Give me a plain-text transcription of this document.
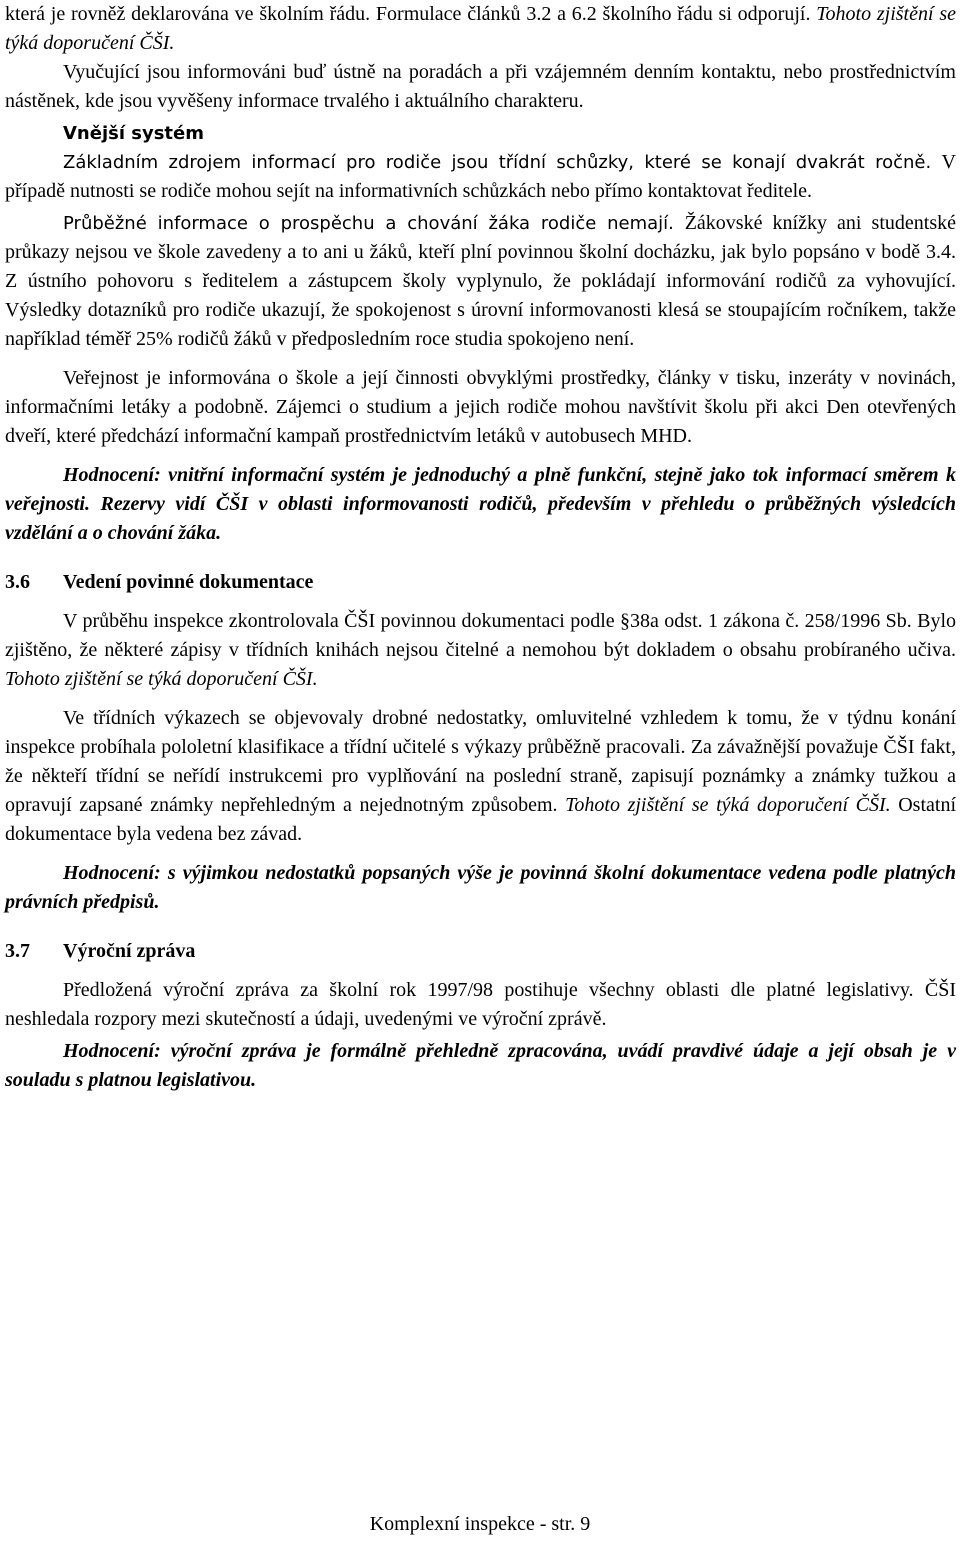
která je rovněž deklarována ve školním řádu. Formulace článků 3.2 a 6.2 školního řádu si odporují. Tohoto zjištění se týká doporučení ČŠI.

Vyučující jsou informováni buď ústně na poradách a při vzájemném denním kontaktu, nebo prostřednictvím nástěnek, kde jsou vyvěšeny informace trvalého i aktuálního charakteru.

Vnější systém

Základním zdrojem informací pro rodiče jsou třídní schůzky, které se konají dvakrát ročně. V případě nutnosti se rodiče mohou sejít na informativních schůzkách nebo přímo kontaktovat ředitele.

Průběžné informace o prospěchu a chování žáka rodiče nemají. Žákovské knížky ani studentské průkazy nejsou ve škole zavedeny a to ani u žáků, kteří plní povinnou školní docházku, jak bylo popsáno v bodě 3.4. Z ústního pohovoru s ředitelem a zástupcem školy vyplynulo, že pokládají informování rodičů za vyhovující. Výsledky dotazníků pro rodiče ukazují, že spokojenost s úrovní informovanosti klesá se stoupajícím ročníkem, takže například téměř 25% rodičů žáků v předposledním roce studia spokojeno není.

Veřejnost je informována o škole a její činnosti obvyklými prostředky, články v tisku, inzeráty v novinách, informačními letáky a podobně. Zájemci o studium a jejich rodiče mohou navštívit školu při akci Den otevřených dveří, které předchází informační kampaň prostřednictvím letáků v autobusech MHD.

Hodnocení: vnitřní informační systém je jednoduchý a plně funkční, stejně jako tok informací směrem k veřejnosti. Rezervy vidí ČŠI v oblasti informovanosti rodičů, především v přehledu o průběžných výsledcích vzdělání a o chování žáka.

3.6	Vedení povinné dokumentace

V průběhu inspekce zkontrolovala ČŠI povinnou dokumentaci podle §38a odst. 1 zákona č. 258/1996 Sb. Bylo zjištěno, že některé zápisy v třídních knihách nejsou čitelné a nemohou být dokladem o obsahu probíraného učiva. Tohoto zjištění se týká doporučení ČŠI.

Ve třídních výkazech se objevovaly drobné nedostatky, omluvitelné vzhledem k tomu, že v týdnu konání inspekce probíhala pololetní klasifikace a třídní učitelé s výkazy průběžně pracovali. Za závažnější považuje ČŠI fakt, že někteří třídní se neřídí instrukcemi pro vyplňování na poslední straně, zapisují poznámky a známky tužkou a opravují zapsané známky nepřehledným a nejednotným způsobem. Tohoto zjištění se týká doporučení ČŠI. Ostatní dokumentace byla vedena bez závad.

Hodnocení: s výjimkou nedostatků popsaných výše je povinná školní dokumentace vedena podle platných právních předpisů.

3.7	Výroční zpráva

Předložená výroční zpráva za školní rok 1997/98 postihuje všechny oblasti dle platné legislativy. ČŠI neshledala rozpory mezi skutečností a údaji, uvedenými ve výroční zprávě.

Hodnocení: výroční zpráva je formálně přehledně zpracována, uvádí pravdivé údaje a její obsah je v souladu s platnou legislativou.

Komplexní inspekce - str. 9
